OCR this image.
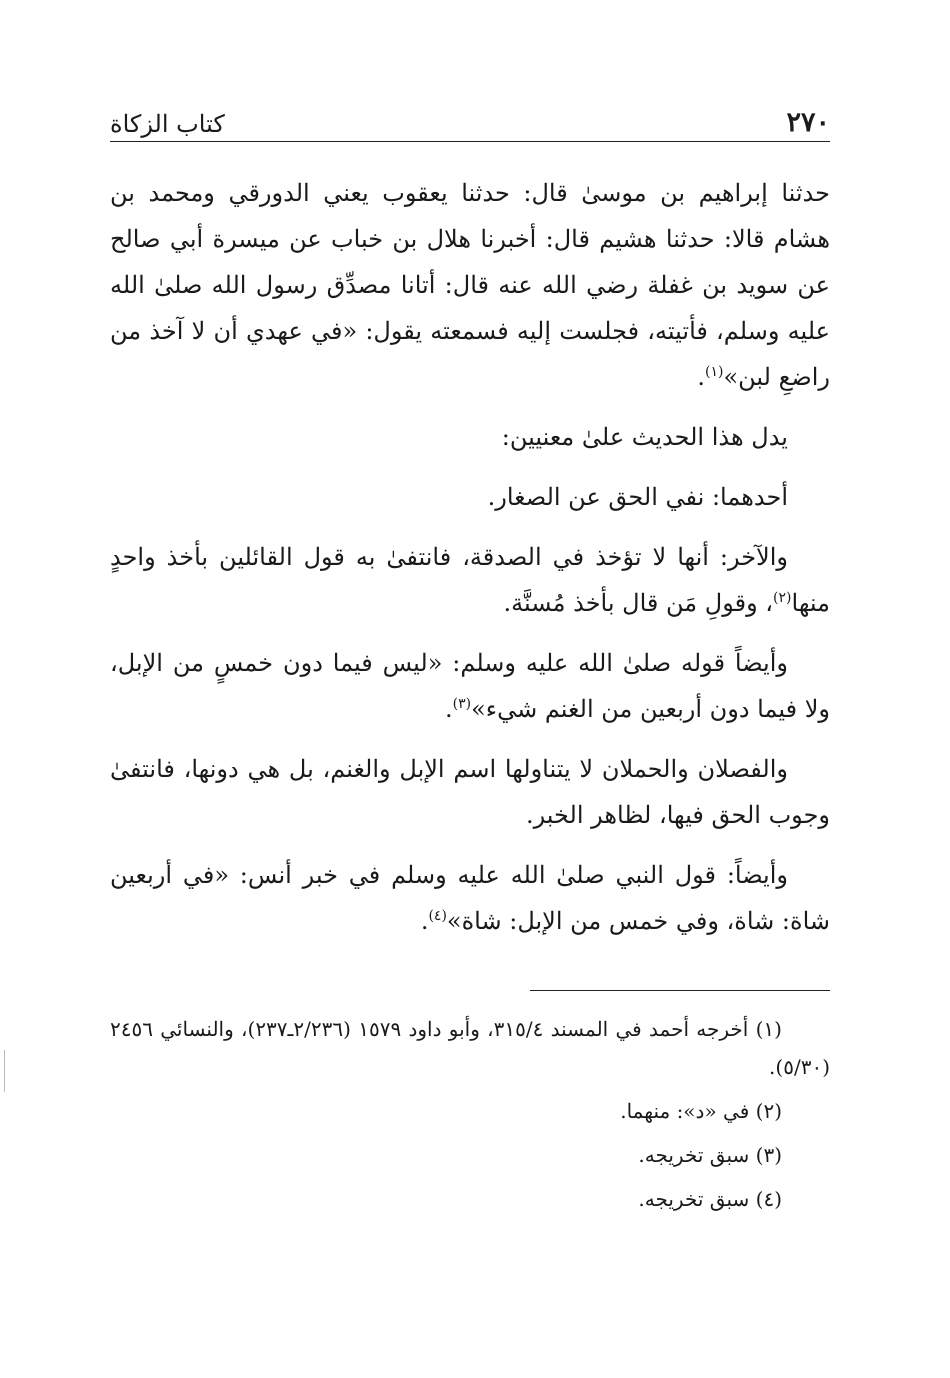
٢٧٠
كتاب الزكاة

حدثنا إبراهيم بن موسىٰ قال: حدثنا يعقوب يعني الدورقي ومحمد بن هشام قالا: حدثنا هشيم قال: أخبرنا هلال بن خباب عن ميسرة أبي صالح عن سويد بن غفلة رضي الله عنه قال: أتانا مصدِّق رسول الله صلىٰ الله عليه وسلم، فأتيته، فجلست إليه فسمعته يقول: «في عهدي أن لا آخذ من راضعِ لبن»$^{(١)}$.

يدل هذا الحديث علىٰ معنيين:

أحدهما: نفي الحق عن الصغار.

والآخر: أنها لا تؤخذ في الصدقة، فانتفىٰ به قول القائلين بأخذ واحدٍ منها$^{(٢)}$، وقولِ مَن قال بأخذ مُسنَّة.

وأيضاً قوله صلىٰ الله عليه وسلم: «ليس فيما دون خمسٍ من الإبل، ولا فيما دون أربعين من الغنم شيء»$^{(٣)}$.

والفصلان والحملان لا يتناولها اسم الإبل والغنم، بل هي دونها، فانتفىٰ وجوب الحق فيها، لظاهر الخبر.

وأيضاً: قول النبي صلىٰ الله عليه وسلم في خبر أنس: «في أربعين شاة: شاة، وفي خمس من الإبل: شاة»$^{(٤)}$.

(١) أخرجه أحمد في المسند ٣١٥/٤، وأبو داود ١٥٧٩ (٢/٢٣٦ـ٢٣٧)، والنسائي ٢٤٥٦ (٥/٣٠).

(٢) في «د»: منهما.

(٣) سبق تخريجه.

(٤) سبق تخريجه.
